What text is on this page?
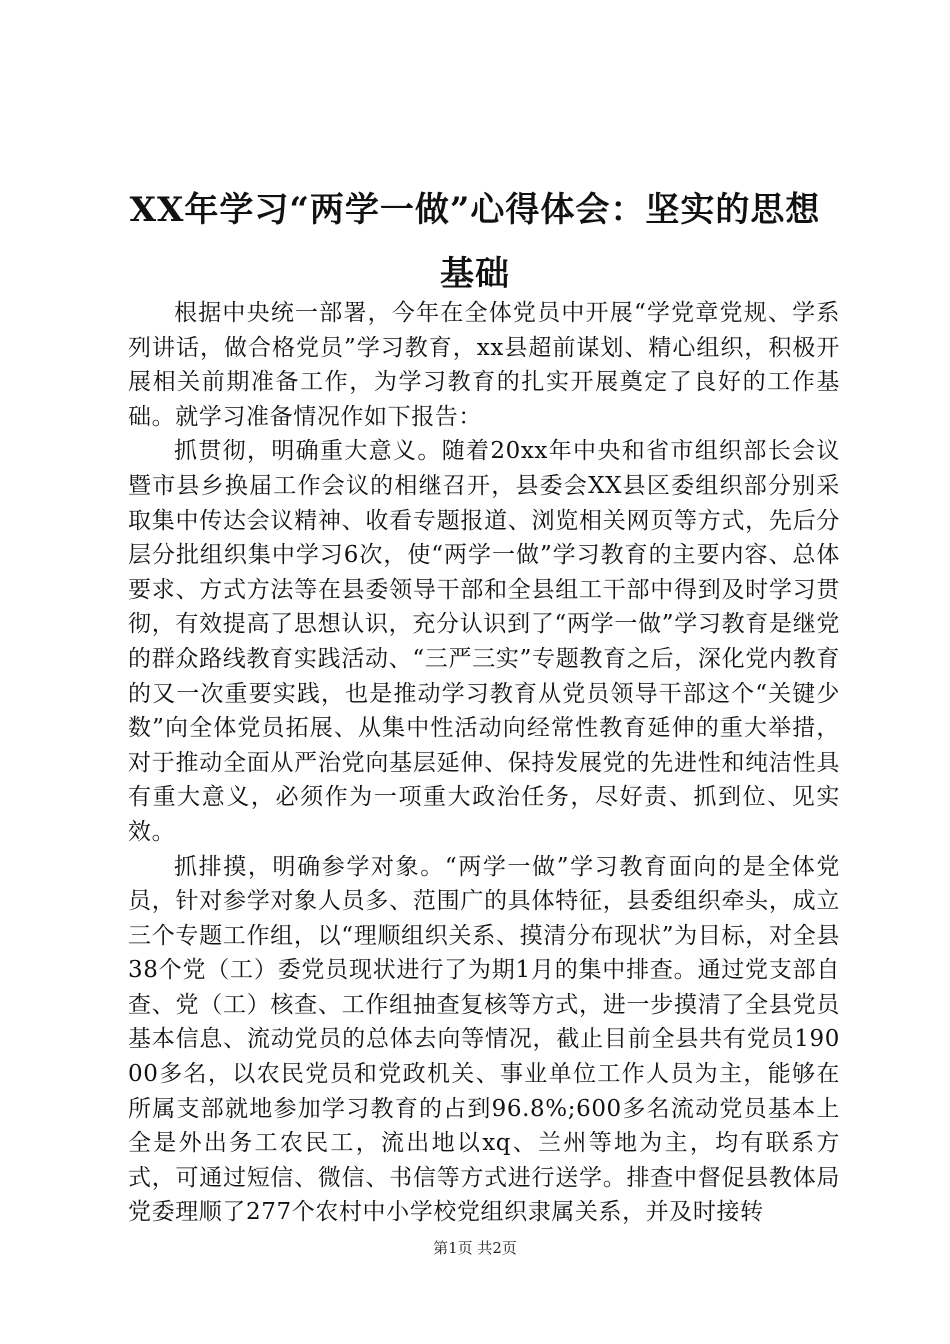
XX年学习“两学一做”心得体会：坚实的思想基础

根据中央统一部署，今年在全体党员中开展“学党章党规、学系列讲话，做合格党员”学习教育，xx县超前谋划、精心组织，积极开展相关前期准备工作，为学习教育的扎实开展奠定了良好的工作基础。就学习准备情况作如下报告：

抓贯彻，明确重大意义。随着20xx年中央和省市组织部长会议暨市县乡换届工作会议的相继召开，县委会XX县区委组织部分别采取集中传达会议精神、收看专题报道、浏览相关网页等方式，先后分层分批组织集中学习6次，使“两学一做”学习教育的主要内容、总体要求、方式方法等在县委领导干部和全县组工干部中得到及时学习贯彻，有效提高了思想认识，充分认识到了“两学一做”学习教育是继党的群众路线教育实践活动、“三严三实”专题教育之后，深化党内教育的又一次重要实践，也是推动学习教育从党员领导干部这个“关键少数”向全体党员拓展、从集中性活动向经常性教育延伸的重大举措，对于推动全面从严治党向基层延伸、保持发展党的先进性和纯洁性具有重大意义，必须作为一项重大政治任务，尽好责、抓到位、见实效。

抓排摸，明确参学对象。“两学一做”学习教育面向的是全体党员，针对参学对象人员多、范围广的具体特征，县委组织牵头，成立三个专题工作组，以“理顺组织关系、摸清分布现状”为目标，对全县38个党（工）委党员现状进行了为期1月的集中排查。通过党支部自查、党（工）核查、工作组抽查复核等方式，进一步摸清了全县党员基本信息、流动党员的总体去向等情况，截止目前全县共有党员19000多名，以农民党员和党政机关、事业单位工作人员为主，能够在所属支部就地参加学习教育的占到96.8%;600多名流动党员基本上全是外出务工农民工，流出地以xq、兰州等地为主，均有联系方式，可通过短信、微信、书信等方式进行送学。排查中督促县教体局党委理顺了277个农村中小学校党组织隶属关系，并及时接转

第1页 共2页
